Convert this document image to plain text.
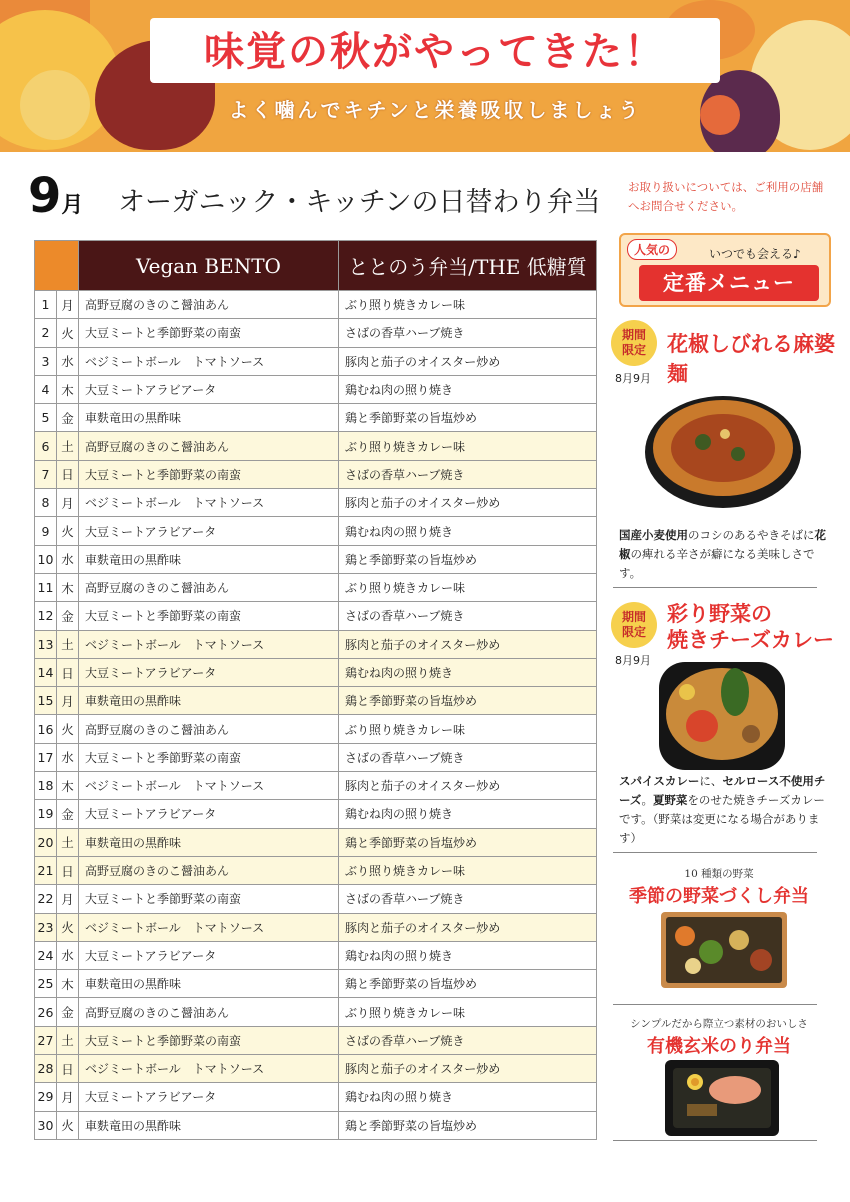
味覚の秋がやってきた！
よく噛んでキチンと栄養吸収しましょう
9月 オーガニック・キッチンの日替わり弁当 お取り扱いについては、ご利用の店舗へお問合せください。
		Vegan BENTO	ととのう弁当/THE 低糖質
1	月	高野豆腐のきのこ醤油あん	ぶり照り焼きカレー味
2	火	大豆ミートと季節野菜の南蛮	さばの香草ハーブ焼き
3	水	ベジミートボール　トマトソース	豚肉と茄子のオイスター炒め
4	木	大豆ミートアラビアータ	鶏むね肉の照り焼き
5	金	車麩竜田の黒酢味	鶏と季節野菜の旨塩炒め
6	土	高野豆腐のきのこ醤油あん	ぶり照り焼きカレー味
7	日	大豆ミートと季節野菜の南蛮	さばの香草ハーブ焼き
8	月	ベジミートボール　トマトソース	豚肉と茄子のオイスター炒め
9	火	大豆ミートアラビアータ	鶏むね肉の照り焼き
10	水	車麩竜田の黒酢味	鶏と季節野菜の旨塩炒め
11	木	高野豆腐のきのこ醤油あん	ぶり照り焼きカレー味
12	金	大豆ミートと季節野菜の南蛮	さばの香草ハーブ焼き
13	土	ベジミートボール　トマトソース	豚肉と茄子のオイスター炒め
14	日	大豆ミートアラビアータ	鶏むね肉の照り焼き
15	月	車麩竜田の黒酢味	鶏と季節野菜の旨塩炒め
16	火	高野豆腐のきのこ醤油あん	ぶり照り焼きカレー味
17	水	大豆ミートと季節野菜の南蛮	さばの香草ハーブ焼き
18	木	ベジミートボール　トマトソース	豚肉と茄子のオイスター炒め
19	金	大豆ミートアラビアータ	鶏むね肉の照り焼き
20	土	車麩竜田の黒酢味	鶏と季節野菜の旨塩炒め
21	日	高野豆腐のきのこ醤油あん	ぶり照り焼きカレー味
22	月	大豆ミートと季節野菜の南蛮	さばの香草ハーブ焼き
23	火	ベジミートボール　トマトソース	豚肉と茄子のオイスター炒め
24	水	大豆ミートアラビアータ	鶏むね肉の照り焼き
25	木	車麩竜田の黒酢味	鶏と季節野菜の旨塩炒め
26	金	高野豆腐のきのこ醤油あん	ぶり照り焼きカレー味
27	土	大豆ミートと季節野菜の南蛮	さばの香草ハーブ焼き
28	日	ベジミートボール　トマトソース	豚肉と茄子のオイスター炒め
29	月	大豆ミートアラビアータ	鶏むね肉の照り焼き
30	火	車麩竜田の黒酢味	鶏と季節野菜の旨塩炒め
人気の	いつでも会える♪
定番メニュー
期間
限定	花椒しびれる麻婆麺
8月9月
国産小麦使用のコシのあるやきそばに花椒の痺れる辛さが癖になる美味しさです。
期間
限定
彩り野菜の
焼きチーズカレー
8月9月
スパイスカレーに、セルロース不使用チーズ。夏野菜をのせた焼きチーズカレーです。（野菜は変更になる場合があります）
10 種類の野菜
季節の野菜づくし弁当
シンプルだから際立つ素材のおいしさ
有機玄米のり弁当
